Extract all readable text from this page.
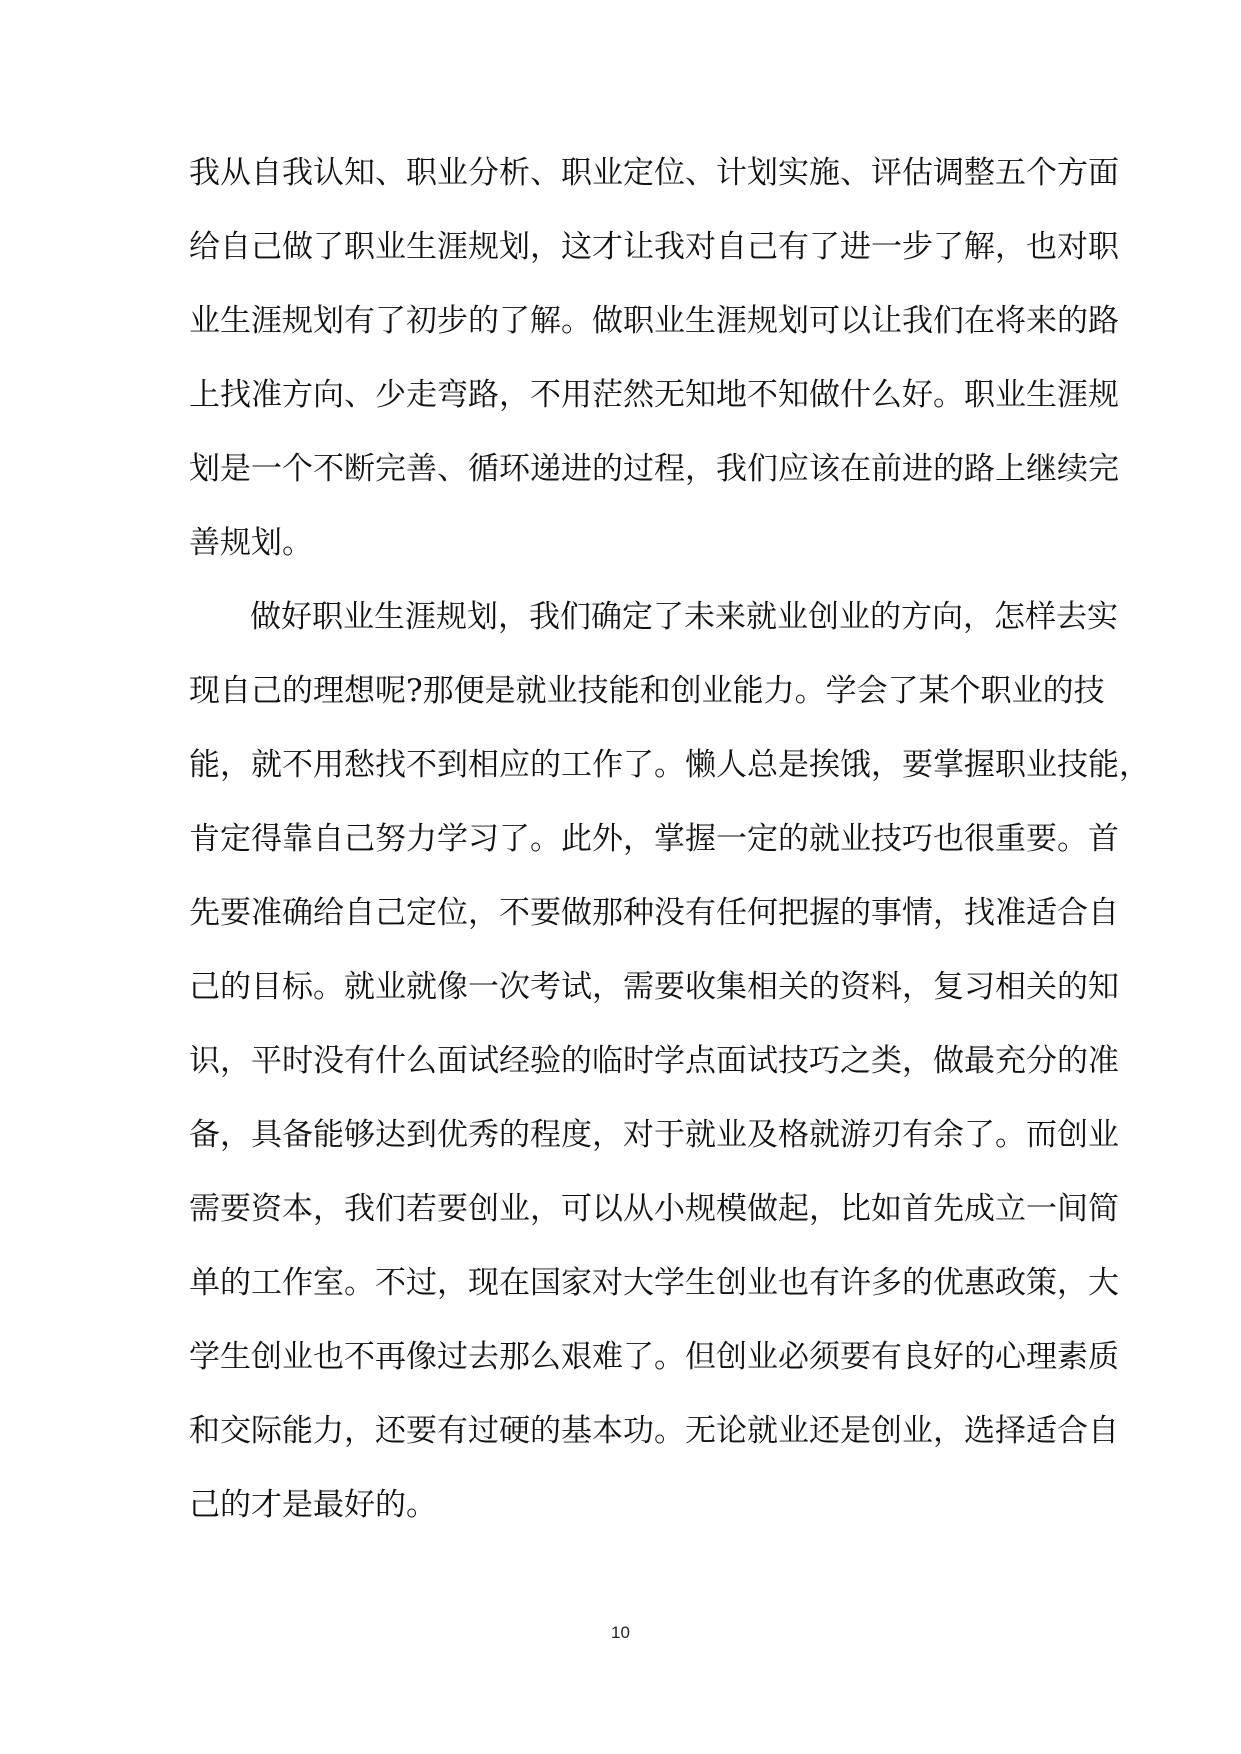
我 从 自 我 认 知 、 职 业 分 析 、 职 业 定 位 、 计 划 实 施 、 评 估 调 整 五 个 方 面
给 自 己 做 了 职 业 生 涯 规 划 ， 这 才 让 我 对 自 己 有 了 进 一 步 了 解 ， 也 对 职
业 生 涯 规 划 有 了 初 步 的 了 解 。 做 职 业 生 涯 规 划 可 以 让 我 们 在 将 来 的 路
上 找 准 方 向 、 少 走 弯 路 ， 不 用 茫 然 无 知 地 不 知 做 什 么 好 。 职 业 生 涯 规
划 是 一 个 不 断 完 善 、 循 环 递 进 的 过 程 ， 我 们 应 该 在 前 进 的 路 上 继 续 完
善规划。
做 好 职 业 生 涯 规 划 ， 我 们 确 定 了 未 来 就 业 创 业 的 方 向 ， 怎 样 去 实
现 自 己 的 理 想 呢 ? 那 便 是 就 业 技 能 和 创 业 能 力 。 学 会 了 某 个 职 业 的 技
能 ， 就 不 用 愁 找 不 到 相 应 的 工 作 了 。 懒 人 总 是 挨 饿 ， 要 掌 握 职 业 技 能 ，
肯 定 得 靠 自 己 努 力 学 习 了 。 此 外 ， 掌 握 一 定 的 就 业 技 巧 也 很 重 要 。 首
先 要 准 确 给 自 己 定 位 ， 不 要 做 那 种 没 有 任 何 把 握 的 事 情 ， 找 准 适 合 自
己 的 目 标 。 就 业 就 像 一 次 考 试 ， 需 要 收 集 相 关 的 资 料 ， 复 习 相 关 的 知
识 ， 平 时 没 有 什 么 面 试 经 验 的 临 时 学 点 面 试 技 巧 之 类 ， 做 最 充 分 的 准
备 ， 具 备 能 够 达 到 优 秀 的 程 度 ， 对 于 就 业 及 格 就 游 刃 有 余 了 。 而 创 业
需 要 资 本 ， 我 们 若 要 创 业 ， 可 以 从 小 规 模 做 起 ， 比 如 首 先 成 立 一 间 简
单 的 工 作 室 。 不 过 ， 现 在 国 家 对 大 学 生 创 业 也 有 许 多 的 优 惠 政 策 ， 大
学 生 创 业 也 不 再 像 过 去 那 么 艰 难 了 。 但 创 业 必 须 要 有 良 好 的 心 理 素 质
和 交 际 能 力 ， 还 要 有 过 硬 的 基 本 功 。 无 论 就 业 还 是 创 业 ， 选 择 适 合 自
己的才是最好的。
10
